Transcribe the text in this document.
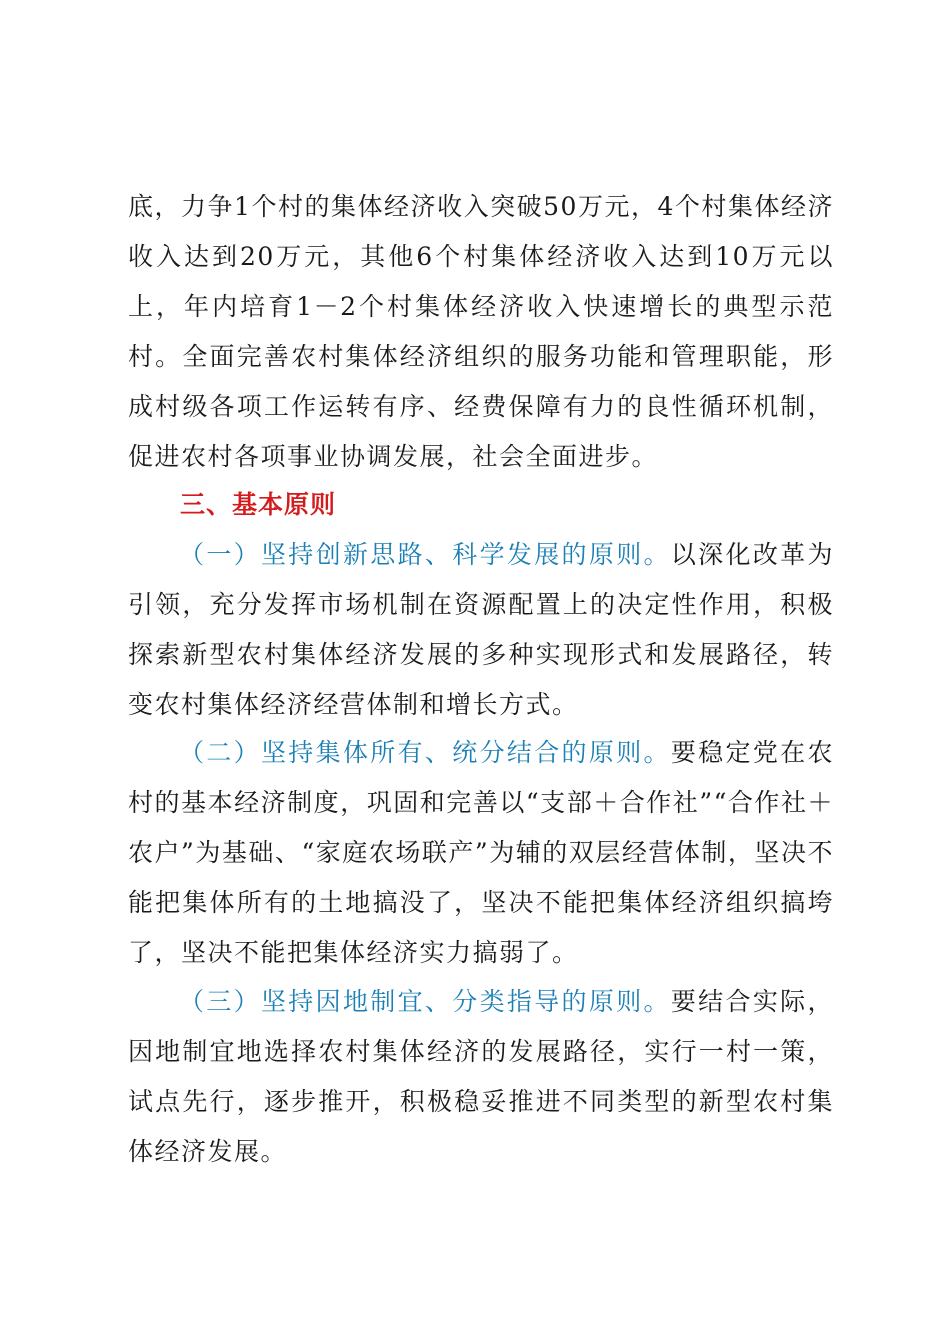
底，力争1个村的集体经济收入突破50万元，4个村集体经济收入达到20万元，其他6个村集体经济收入达到10万元以上，年内培育1－2个村集体经济收入快速增长的典型示范村。全面完善农村集体经济组织的服务功能和管理职能，形成村级各项工作运转有序、经费保障有力的良性循环机制，促进农村各项事业协调发展，社会全面进步。

三、基本原则

（一）坚持创新思路、科学发展的原则。以深化改革为引领，充分发挥市场机制在资源配置上的决定性作用，积极探索新型农村集体经济发展的多种实现形式和发展路径，转变农村集体经济经营体制和增长方式。

（二）坚持集体所有、统分结合的原则。要稳定党在农村的基本经济制度，巩固和完善以“支部＋合作社”“合作社＋农户”为基础、“家庭农场联产”为辅的双层经营体制，坚决不能把集体所有的土地搞没了，坚决不能把集体经济组织搞垮了，坚决不能把集体经济实力搞弱了。

（三）坚持因地制宜、分类指导的原则。要结合实际，因地制宜地选择农村集体经济的发展路径，实行一村一策，试点先行，逐步推开，积极稳妥推进不同类型的新型农村集体经济发展。
